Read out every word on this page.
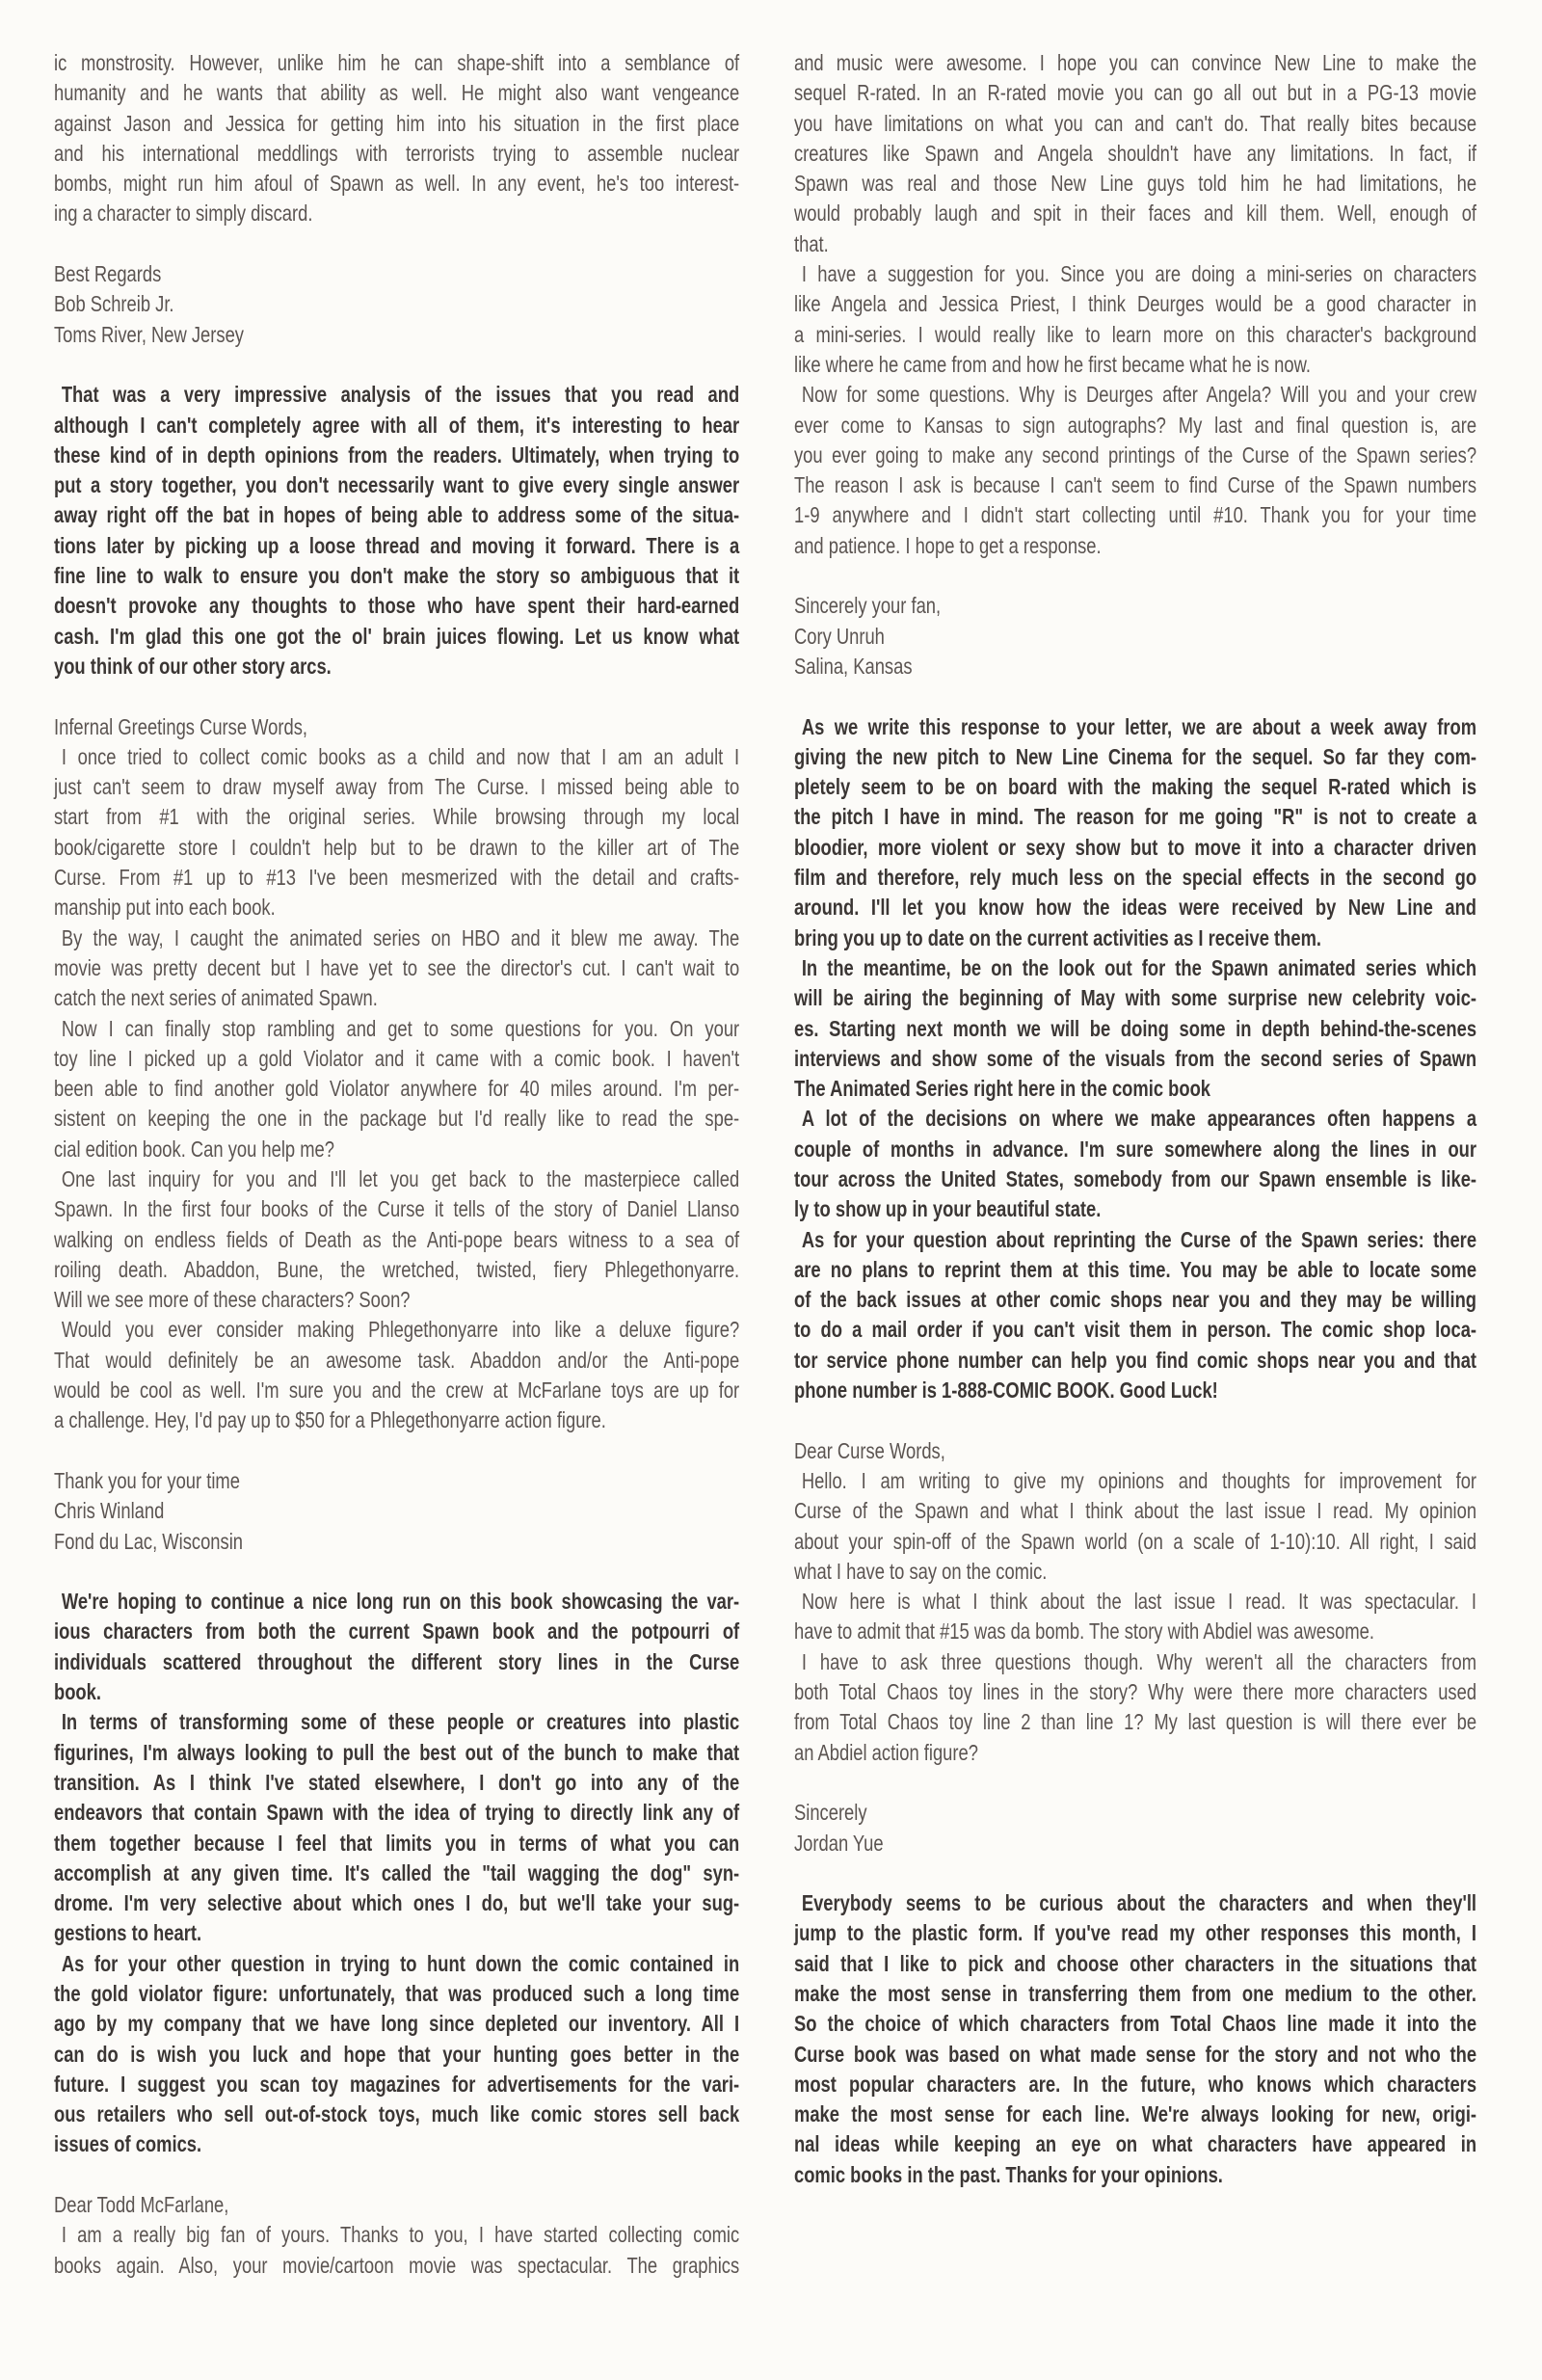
ic monstrosity. However, unlike him he can shape-shift into a semblance of
humanity and he wants that ability as well. He might also want vengeance
against Jason and Jessica for getting him into his situation in the first place
and his international meddlings with terrorists trying to assemble nuclear
bombs, might run him afoul of Spawn as well. In any event, he's too interest-
ing a character to simply discard.
Best Regards
Bob Schreib Jr.
Toms River, New Jersey
That was a very impressive analysis of the issues that you read and
although I can't completely agree with all of them, it's interesting to hear
these kind of in depth opinions from the readers. Ultimately, when trying to
put a story together, you don't necessarily want to give every single answer
away right off the bat in hopes of being able to address some of the situa-
tions later by picking up a loose thread and moving it forward. There is a
fine line to walk to ensure you don't make the story so ambiguous that it
doesn't provoke any thoughts to those who have spent their hard-earned
cash. I'm glad this one got the ol' brain juices flowing. Let us know what
you think of our other story arcs.
Infernal Greetings Curse Words,
I once tried to collect comic books as a child and now that I am an adult I
just can't seem to draw myself away from The Curse. I missed being able to
start from #1 with the original series. While browsing through my local
book/cigarette store I couldn't help but to be drawn to the killer art of The
Curse. From #1 up to #13 I've been mesmerized with the detail and crafts-
manship put into each book.
By the way, I caught the animated series on HBO and it blew me away. The
movie was pretty decent but I have yet to see the director's cut. I can't wait to
catch the next series of animated Spawn.
Now I can finally stop rambling and get to some questions for you. On your
toy line I picked up a gold Violator and it came with a comic book. I haven't
been able to find another gold Violator anywhere for 40 miles around. I'm per-
sistent on keeping the one in the package but I'd really like to read the spe-
cial edition book. Can you help me?
One last inquiry for you and I'll let you get back to the masterpiece called
Spawn. In the first four books of the Curse it tells of the story of Daniel Llanso
walking on endless fields of Death as the Anti-pope bears witness to a sea of
roiling death. Abaddon, Bune, the wretched, twisted, fiery Phlegethonyarre.
Will we see more of these characters? Soon?
Would you ever consider making Phlegethonyarre into like a deluxe figure?
That would definitely be an awesome task. Abaddon and/or the Anti-pope
would be cool as well. I'm sure you and the crew at McFarlane toys are up for
a challenge. Hey, I'd pay up to $50 for a Phlegethonyarre action figure.
Thank you for your time
Chris Winland
Fond du Lac, Wisconsin
We're hoping to continue a nice long run on this book showcasing the var-
ious characters from both the current Spawn book and the potpourri of
individuals scattered throughout the different story lines in the Curse
book.
In terms of transforming some of these people or creatures into plastic
figurines, I'm always looking to pull the best out of the bunch to make that
transition. As I think I've stated elsewhere, I don't go into any of the
endeavors that contain Spawn with the idea of trying to directly link any of
them together because I feel that limits you in terms of what you can
accomplish at any given time. It's called the "tail wagging the dog" syn-
drome. I'm very selective about which ones I do, but we'll take your sug-
gestions to heart.
As for your other question in trying to hunt down the comic contained in
the gold violator figure: unfortunately, that was produced such a long time
ago by my company that we have long since depleted our inventory. All I
can do is wish you luck and hope that your hunting goes better in the
future. I suggest you scan toy magazines for advertisements for the vari-
ous retailers who sell out-of-stock toys, much like comic stores sell back
issues of comics.
Dear Todd McFarlane,
I am a really big fan of yours. Thanks to you, I have started collecting comic
books again. Also, your movie/cartoon movie was spectacular. The graphics
and music were awesome. I hope you can convince New Line to make the
sequel R-rated. In an R-rated movie you can go all out but in a PG-13 movie
you have limitations on what you can and can't do. That really bites because
creatures like Spawn and Angela shouldn't have any limitations. In fact, if
Spawn was real and those New Line guys told him he had limitations, he
would probably laugh and spit in their faces and kill them. Well, enough of
that.
I have a suggestion for you. Since you are doing a mini-series on characters
like Angela and Jessica Priest, I think Deurges would be a good character in
a mini-series. I would really like to learn more on this character's background
like where he came from and how he first became what he is now.
Now for some questions. Why is Deurges after Angela? Will you and your crew
ever come to Kansas to sign autographs? My last and final question is, are
you ever going to make any second printings of the Curse of the Spawn series?
The reason I ask is because I can't seem to find Curse of the Spawn numbers
1-9 anywhere and I didn't start collecting until #10. Thank you for your time
and patience. I hope to get a response.
Sincerely your fan,
Cory Unruh
Salina, Kansas
As we write this response to your letter, we are about a week away from
giving the new pitch to New Line Cinema for the sequel. So far they com-
pletely seem to be on board with the making the sequel R-rated which is
the pitch I have in mind. The reason for me going "R" is not to create a
bloodier, more violent or sexy show but to move it into a character driven
film and therefore, rely much less on the special effects in the second go
around. I'll let you know how the ideas were received by New Line and
bring you up to date on the current activities as I receive them.
In the meantime, be on the look out for the Spawn animated series which
will be airing the beginning of May with some surprise new celebrity voic-
es. Starting next month we will be doing some in depth behind-the-scenes
interviews and show some of the visuals from the second series of Spawn
The Animated Series right here in the comic book
A lot of the decisions on where we make appearances often happens a
couple of months in advance. I'm sure somewhere along the lines in our
tour across the United States, somebody from our Spawn ensemble is like-
ly to show up in your beautiful state.
As for your question about reprinting the Curse of the Spawn series: there
are no plans to reprint them at this time. You may be able to locate some
of the back issues at other comic shops near you and they may be willing
to do a mail order if you can't visit them in person. The comic shop loca-
tor service phone number can help you find comic shops near you and that
phone number is 1-888-COMIC BOOK. Good Luck!
Dear Curse Words,
Hello. I am writing to give my opinions and thoughts for improvement for
Curse of the Spawn and what I think about the last issue I read. My opinion
about your spin-off of the Spawn world (on a scale of 1-10):10. All right, I said
what I have to say on the comic.
Now here is what I think about the last issue I read. It was spectacular. I
have to admit that #15 was da bomb. The story with Abdiel was awesome.
I have to ask three questions though. Why weren't all the characters from
both Total Chaos toy lines in the story? Why were there more characters used
from Total Chaos toy line 2 than line 1? My last question is will there ever be
an Abdiel action figure?
Sincerely
Jordan Yue
Everybody seems to be curious about the characters and when they'll
jump to the plastic form. If you've read my other responses this month, I
said that I like to pick and choose other characters in the situations that
make the most sense in transferring them from one medium to the other.
So the choice of which characters from Total Chaos line made it into the
Curse book was based on what made sense for the story and not who the
most popular characters are. In the future, who knows which characters
make the most sense for each line. We're always looking for new, origi-
nal ideas while keeping an eye on what characters have appeared in
comic books in the past. Thanks for your opinions.
